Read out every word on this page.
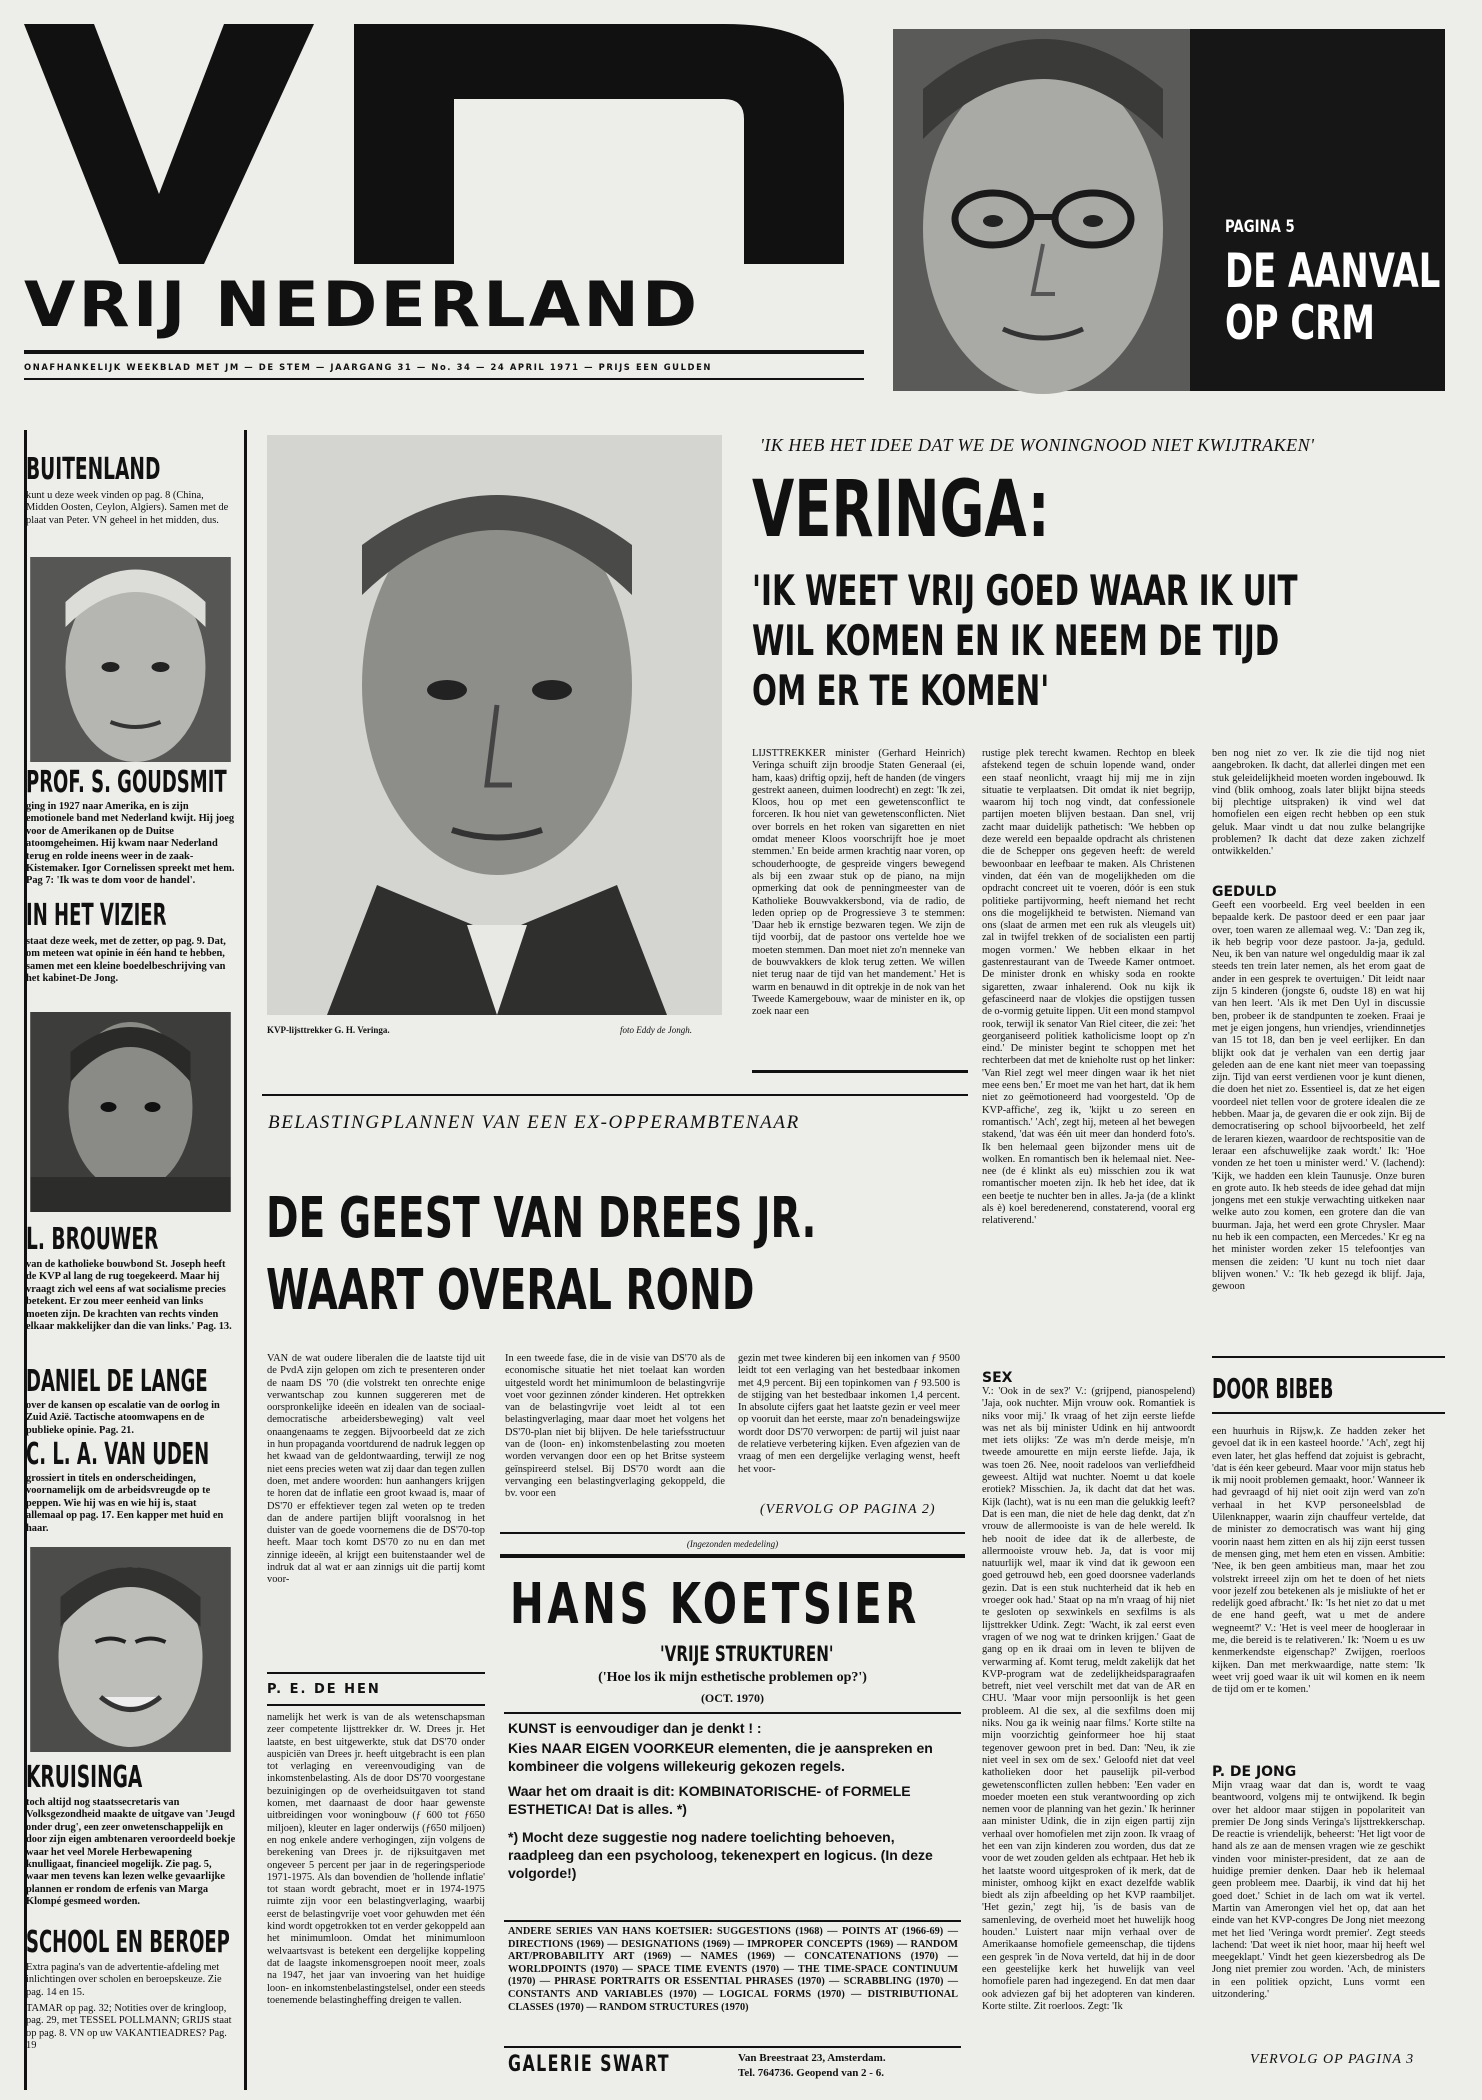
VRIJ NEDERLAND
ONAFHANKELIJK WEEKBLAD MET JM — DE STEM — JAARGANG 31 — No. 34 — 24 APRIL 1971 — PRIJS EEN GULDEN
PAGINA 5
DE AANVAL
OP CRM
BUITENLAND
kunt u deze week vinden op pag. 8 (China, Midden Oosten, Ceylon, Algiers). Samen met de plaat van Peter. VN geheel in het midden, dus.
PROF. S. GOUDSMIT
ging in 1927 naar Amerika, en is zijn emotionele band met Nederland kwijt. Hij joeg voor de Amerikanen op de Duitse atoomgeheimen. Hij kwam naar Nederland terug en rolde ineens weer in de zaak-Kistemaker. Igor Cornelissen spreekt met hem. Pag 7: 'Ik was te dom voor de handel'.
IN HET VIZIER
staat deze week, met de zetter, op pag. 9. Dat, om meteen wat opinie in één hand te hebben, samen met een kleine boedelbeschrijving van het kabinet-De Jong.
L. BROUWER
van de katholieke bouwbond St. Joseph heeft de KVP al lang de rug toegekeerd. Maar hij vraagt zich wel eens af wat socialisme precies betekent. Er zou meer eenheid van links moeten zijn. De krachten van rechts vinden elkaar makkelijker dan die van links.' Pag. 13.
DANIEL DE LANGE
over de kansen op escalatie van de oorlog in Zuid Azië. Tactische atoomwapens en de publieke opinie. Pag. 21.
C. L. A. VAN UDEN
grossiert in titels en onderscheidingen, voornamelijk om de arbeidsvreugde op te peppen. Wie hij was en wie hij is, staat allemaal op pag. 17. Een kapper met huid en haar.
KRUISINGA
toch altijd nog staatssecretaris van Volksgezondheid maakte de uitgave van 'Jeugd onder drug', een zeer onwetenschappelijk en door zijn eigen ambtenaren veroordeeld boekje waar het veel Morele Herbewapening knulligaat, financieel mogelijk. Zie pag. 5, waar men tevens kan lezen welke gevaarlijke plannen er rondom de erfenis van Marga Klompé gesmeed worden.
SCHOOL EN BEROEP
Extra pagina's van de advertentie-afdeling met inlichtingen over scholen en beroepskeuze. Zie pag. 14 en 15.
TAMAR op pag. 32; Notities over de kringloop, pag. 29, met TESSEL POLLMANN; GRIJS staat op pag. 8. VN op uw VAKANTIEADRES? Pag. 19
KVP-lijsttrekker G. H. Veringa.	foto Eddy de Jongh.
'IK HEB HET IDEE DAT WE DE WONINGNOOD NIET KWIJTRAKEN'
VERINGA:
'IK WEET VRIJ GOED WAAR IK UIT
WIL KOMEN EN IK NEEM DE TIJD
OM ER TE KOMEN'
LIJSTTREKKER minister (Gerhard Heinrich) Veringa schuift zijn broodje Staten Generaal (ei, ham, kaas) driftig opzij, heft de handen (de vingers gestrekt aaneen, duimen loodrecht) en zegt: 'Ik zei, Kloos, hou op met een gewetensconflict te forceren. Ik hou niet van gewetensconflicten. Niet over borrels en het roken van sigaretten en niet omdat meneer Kloos voorschrijft hoe je moet stemmen.' En beide armen krachtig naar voren, op schouderhoogte, de gespreide vingers bewegend als bij een zwaar stuk op de piano, na mijn opmerking dat ook de penningmeester van de Katholieke Bouwvakkersbond, via de radio, de leden opriep op de Progressieve 3 te stemmen: 'Daar heb ik ernstige bezwaren tegen. We zijn de tijd voorbij, dat de pastoor ons vertelde hoe we moeten stemmen. Dan moet niet zo'n menneke van de bouwvakkers de klok terug zetten. We willen niet terug naar de tijd van het mandement.' Het is warm en benauwd in dit optrekje in de nok van het Tweede Kamergebouw, waar de minister en ik, op zoek naar een
rustige plek terecht kwamen. Rechtop en bleek afstekend tegen de schuin lopende wand, onder een staaf neonlicht, vraagt hij mij me in zijn situatie te verplaatsen. Dit omdat ik niet begrijp, waarom hij toch nog vindt, dat confessionele partijen moeten blijven bestaan. Dan snel, vrij zacht maar duidelijk pathetisch: 'We hebben op deze wereld een bepaalde opdracht als christenen die de Schepper ons gegeven heeft: de wereld bewoonbaar en leefbaar te maken. Als Christenen vinden, dat één van de mogelijkheden om die opdracht concreet uit te voeren, dóór is een stuk politieke partijvorming, heeft niemand het recht ons die mogelijkheid te betwisten. Niemand van ons (slaat de armen met een ruk als vleugels uit) zal in twijfel trekken of de socialisten een partij mogen vormen.' We hebben elkaar in het gastenrestaurant van de Tweede Kamer ontmoet. De minister dronk en whisky soda en rookte sigaretten, zwaar inhalerend. Ook nu kijk ik gefascineerd naar de vlokjes die opstijgen tussen de o-vormig getuite lippen. Uit een mond stampvol rook, terwijl ik senator Van Riel citeer, die zei: 'het georganiseerd politiek katholicisme loopt op z'n eind.' De minister begint te schoppen met het rechterbeen dat met de knieholte rust op het linker: 'Van Riel zegt wel meer dingen waar ik het niet mee eens ben.' Er moet me van het hart, dat ik hem niet zo geëmotioneerd had voorgesteld. 'Op de KVP-affiche', zeg ik, 'kijkt u zo sereen en romantisch.' 'Ach', zegt hij, meteen al het bewegen stakend, 'dat was één uit meer dan honderd foto's. Ik ben helemaal geen bijzonder mens uit de wolken. En romantisch ben ik helemaal niet. Nee-nee (de é klinkt als eu) misschien zou ik wat romantischer moeten zijn. Ik heb het idee, dat ik een beetje te nuchter ben in alles. Ja-ja (de a klinkt als è) koel beredenerend, constaterend, vooral erg relativerend.'
SEX
V.: 'Ook in de sex?' V.: (grijpend, pianospelend) 'Jaja, ook nuchter. Mijn vrouw ook. Romantiek is niks voor mij.' Ik vraag of het zijn eerste liefde was net als bij minister Udink en hij antwoordt met iets olijks: 'Ze was m'n derde meisje, m'n tweede amourette en mijn eerste liefde. Jaja, ik was toen 26. Nee, nooit radeloos van verliefdheid geweest. Altijd wat nuchter. Noemt u dat koele erotiek? Misschien. Ja, ik dacht dat dat het was. Kijk (lacht), wat is nu een man die gelukkig leeft? Dat is een man, die niet de hele dag denkt, dat z'n vrouw de allermooiste is van de hele wereld. Ik heb nooit de idee dat ik de allerbeste, de allermooiste vrouw heb. Ja, dat is voor mij natuurlijk wel, maar ik vind dat ik gewoon een goed getrouwd heb, een goed doorsnee vaderlands gezin. Dat is een stuk nuchterheid dat ik heb en vroeger ook had.' Staat op na m'n vraag of hij niet te gesloten op sexwinkels en sexfilms is als lijsttrekker Udink. Zegt: 'Wacht, ik zal eerst even vragen of we nog wat te drinken krijgen.' Gaat de gang op en ik draai om in leven te blijven de verwarming af. Komt terug, meldt zakelijk dat het KVP-program wat de zedelijkheidsparagraafen betreft, niet veel verschilt met dat van de AR en CHU. 'Maar voor mijn persoonlijk is het geen probleem. Al die sex, al die sexfilms doen mij niks. Nou ga ik weinig naar films.' Korte stilte na mijn voorzichtig geinformeer hoe hij staat tegenover gewoon pret in bed. Dan: 'Neu, ik zie niet veel in sex om de sex.' Geloofd niet dat veel katholieken door het pauselijk pil-verbod gewetensconflicten zullen hebben: 'Een vader en moeder moeten een stuk verantwoording op zich nemen voor de planning van het gezin.' Ik herinner aan minister Udink, die in zijn eigen partij zijn verhaal over homofielen met zijn zoon. Ik vraag of het een van zijn kinderen zou worden, dus dat ze voor de wet zouden gelden als echtpaar. Het heb ik het laatste woord uitgesproken of ik merk, dat de minister, omhoog kijkt en exact dezelfde wablik biedt als zijn afbeelding op het KVP raambiljet. 'Het gezin,' zegt hij, 'is de basis van de samenleving, de overheid moet het huwelijk hoog houden.' Luistert naar mijn verhaal over de Amerikaanse homofiele gemeenschap, die tijdens een gesprek 'in de Nova verteld, dat hij in de door een geestelijke kerk het huwelijk van veel homofiele paren had ingezegend. En dat men daar ook adviezen gaf bij het adopteren van kinderen. Korte stilte. Zit roerloos. Zegt: 'Ik
ben nog niet zo ver. Ik zie die tijd nog niet aangebroken. Ik dacht, dat allerlei dingen met een stuk geleidelijkheid moeten worden ingebouwd. Ik vind (blik omhoog, zoals later blijkt bijna steeds bij plechtige uitspraken) ik vind wel dat homofielen een eigen recht hebben op een stuk geluk. Maar vindt u dat nou zulke belangrijke problemen? Ik dacht dat deze zaken zichzelf ontwikkelden.'
GEDULD
Geeft een voorbeeld. Erg veel beelden in een bepaalde kerk. De pastoor deed er een paar jaar over, toen waren ze allemaal weg. V.: 'Dan zeg ik, ik heb begrip voor deze pastoor. Ja-ja, geduld. Neu, ik ben van nature wel ongeduldig maar ik zal steeds ten trein later nemen, als het erom gaat de ander in een gesprek te overtuigen.' Dit leidt naar zijn 5 kinderen (jongste 6, oudste 18) en wat hij van hen leert. 'Als ik met Den Uyl in discussie ben, probeer ik de standpunten te zoeken. Fraai je met je eigen jongens, hun vriendjes, vriendinnetjes van 15 tot 18, dan ben je veel eerlijker. En dan blijkt ook dat je verhalen van een dertig jaar geleden aan de ene kant niet meer van toepassing zijn. Tijd van eerst verdienen voor je kunt dienen, die doen het niet zo. Essentieel is, dat ze het eigen voordeel niet tellen voor de grotere idealen die ze hebben. Maar ja, de gevaren die er ook zijn. Bij de democratisering op school bijvoorbeeld, het zelf de leraren kiezen, waardoor de rechtspositie van de leraar een afschuwelijke zaak wordt.' Ik: 'Hoe vonden ze het toen u minister werd.' V. (lachend): 'Kijk, we hadden een klein Taunusje. Onze buren en grote auto. Ik heb steeds de idee gehad dat mijn jongens met een stukje verwachting uitkeken naar welke auto zou komen, een grotere dan die van buurman. Jaja, het werd een grote Chrysler. Maar nu heb ik een compacten, een Mercedes.' Kr eg na het minister worden zeker 15 telefoontjes van mensen die zeiden: 'U kunt nu toch niet daar blijven wonen.' V.: 'Ik heb gezegd ik blijf. Jaja, gewoon
DOOR BIBEB
een huurhuis in Rijsw,k. Ze hadden zeker het gevoel dat ik in een kasteel hoorde.' 'Ach', zegt hij even later, het glas heffend dat zojuist is gebracht, 'dat is één keer gebeurd. Maar voor mijn status heb ik mij nooit problemen gemaakt, hoor.' Wanneer ik had gevraagd of hij niet ooit zijn werd van zo'n verhaal in het KVP personeelsblad de Uilenknapper, waarin zijn chauffeur vertelde, dat de minister zo democratisch was want hij ging voorin naast hem zitten en als hij zijn eerst tussen de mensen ging, met hem eten en vissen. Ambitie: 'Nee, ik ben geen ambitieus man, maar het zou volstrekt irreeel zijn om het te doen of het niets voor jezelf zou betekenen als je misliukte of het er redelijk goed afbracht.' Ik: 'Is het niet zo dat u met de ene hand geeft, wat u met de andere wegneemt?' V.: 'Het is veel meer de hoogleraar in me, die bereid is te relativeren.' Ik: 'Noem u es uw kenmerkendste eigenschap?' Zwijgen, roerloos kijken. Dan met merkwaardige, natte stem: 'Ik weet vrij goed waar ik uit wil komen en ik neem de tijd om er te komen.'
P. DE JONG
Mijn vraag waar dat dan is, wordt te vaag beantwoord, volgens mij te ontwijkend. Ik begin over het aldoor maar stijgen in popolariteit van premier De Jong sinds Veringa's lijsttrekkerschap. De reactie is vriendelijk, beheerst: 'Het ligt voor de hand als ze aan de mensen vragen wie ze geschikt vinden voor minister-president, dat ze aan de huidige premier denken. Daar heb ik helemaal geen probleem mee. Daarbij, ik vind dat hij het goed doet.' Schiet in de lach om wat ik vertel. Martin van Amerongen viel het op, dat aan het einde van het KVP-congres De Jong niet meezong met het lied 'Veringa wordt premier'. Zegt steeds lachend: 'Dat weet ik niet hoor, maar hij heeft wel meegeklapt.' Vindt het geen kiezersbedrog als De Jong niet premier zou worden. 'Ach, de ministers in een politiek opzicht, Luns vormt een uitzondering.'
VERVOLG OP PAGINA 3
BELASTINGPLANNEN VAN EEN EX-OPPERAMBTENAAR
DE GEEST VAN DREES JR.
WAART OVERAL ROND
VAN de wat oudere liberalen die de laatste tijd uit de PvdA zijn gelopen om zich te presenteren onder de naam DS '70 (die volstrekt ten onrechte enige verwantschap zou kunnen suggereren met de oorspronkelijke ideeën en idealen van de sociaal-democratische arbeidersbeweging) valt veel onaangenaams te zeggen. Bijvoorbeeld dat ze zich in hun propaganda voortdurend de nadruk leggen op het kwaad van de geldontwaarding, terwijl ze nog niet eens precies weten wat zij daar dan tegen zullen doen, met andere woorden: hun aanhangers krijgen te horen dat de inflatie een groot kwaad is, maar of DS'70 er effektiever tegen zal weten op te treden dan de andere partijen blijft vooralsnog in het duister van de goede voornemens die de DS'70-top heeft. Maar toch komt DS'70 zo nu en dan met zinnige ideeën, al krijgt een buitenstaander wel de indruk dat al wat er aan zinnigs uit die partij komt voor-
P. E. DE HEN
namelijk het werk is van de als wetenschapsman zeer competente lijsttrekker dr. W. Drees jr. Het laatste, en best uitgewerkte, stuk dat DS'70 onder auspiciën van Drees jr. heeft uitgebracht is een plan tot verlaging en vereenvoudiging van de inkomstenbelasting. Als de door DS'70 voorgestane bezuinigingen op de overheidsuitgaven tot stand komen, met daarnaast de door haar gewenste uitbreidingen voor woningbouw (ƒ 600 tot ƒ650 miljoen), kleuter en lager onderwijs (ƒ650 miljoen) en nog enkele andere verhogingen, zijn volgens de berekening van Drees jr. de rijksuitgaven met ongeveer 5 percent per jaar in de regeringsperiode 1971-1975. Als dan bovendien de 'hollende inflatie' tot staan wordt gebracht, moet er in 1974-1975 ruimte zijn voor een belastingverlaging, waarbij eerst de belastingvrije voet voor gehuwden met één kind wordt opgetrokken tot en verder gekoppeld aan het minimumloon. Omdat het minimumloon welvaartsvast is betekent een dergelijke koppeling dat de laagste inkomensgroepen nooit meer, zoals na 1947, het jaar van invoering van het huidige loon- en inkomstenbelastingstelsel, onder een steeds toenemende belastingheffing dreigen te vallen.
In een tweede fase, die in de visie van DS'70 als de economische situatie het niet toelaat kan worden uitgesteld wordt het minimumloon de belastingvrije voet voor gezinnen zónder kinderen. Het optrekken van de belastingvrije voet leidt al tot een belastingverlaging, maar daar moet het volgens het DS'70-plan niet bij blijven. De hele tariefsstructuur van de (loon- en) inkomstenbelasting zou moeten worden vervangen door een op het Britse systeem geïnspireerd stelsel. Bij DS'70 wordt aan die vervanging een belastingverlaging gekoppeld, die bv. voor een
gezin met twee kinderen bij een inkomen van ƒ 9500 leidt tot een verlaging van het bestedbaar inkomen met 4,9 percent. Bij een topinkomen van ƒ 93.500 is de stijging van het bestedbaar inkomen 1,4 percent. In absolute cijfers gaat het laatste gezin er veel meer op vooruit dan het eerste, maar zo'n benadeingswijze wordt door DS'70 verworpen: de partij wil juist naar de relatieve verbetering kijken. Even afgezien van de vraag of men een dergelijke verlaging wenst, heeft het voor-
(VERVOLG OP PAGINA 2)
(Ingezonden mededeling)
HANS KOETSIER
'VRIJE STRUKTUREN'
('Hoe los ik mijn esthetische problemen op?')
(OCT. 1970)
KUNST is eenvoudiger dan je denkt ! :
Kies NAAR EIGEN VOORKEUR elementen, die je aanspreken en kombineer die volgens willekeurig gekozen regels.
Waar het om draait is dit: KOMBINATORISCHE- of FORMELE ESTHETICA! Dat is alles. *)
*) Mocht deze suggestie nog nadere toelichting behoeven, raadpleeg dan een psycholoog, tekenexpert en logicus. (In deze volgorde!)
ANDERE SERIES VAN HANS KOETSIER: SUGGESTIONS (1968) — POINTS AT (1966-69) — DIRECTIONS (1969) — DESIGNATIONS (1969) — IMPROPER CONCEPTS (1969) — RANDOM ART/PROBABILITY ART (1969) — NAMES (1969) — CONCATENATIONS (1970) — WORLDPOINTS (1970) — SPACE TIME EVENTS (1970) — THE TIME-SPACE CONTINUUM (1970) — PHRASE PORTRAITS OR ESSENTIAL PHRASES (1970) — SCRABBLING (1970) — CONSTANTS AND VARIABLES (1970) — LOGICAL FORMS (1970) — DISTRIBUTIONAL CLASSES (1970) — RANDOM STRUCTURES (1970)
GALERIE SWART	Van Breestraat 23, Amsterdam.
Tel. 764736. Geopend van 2 - 6.
